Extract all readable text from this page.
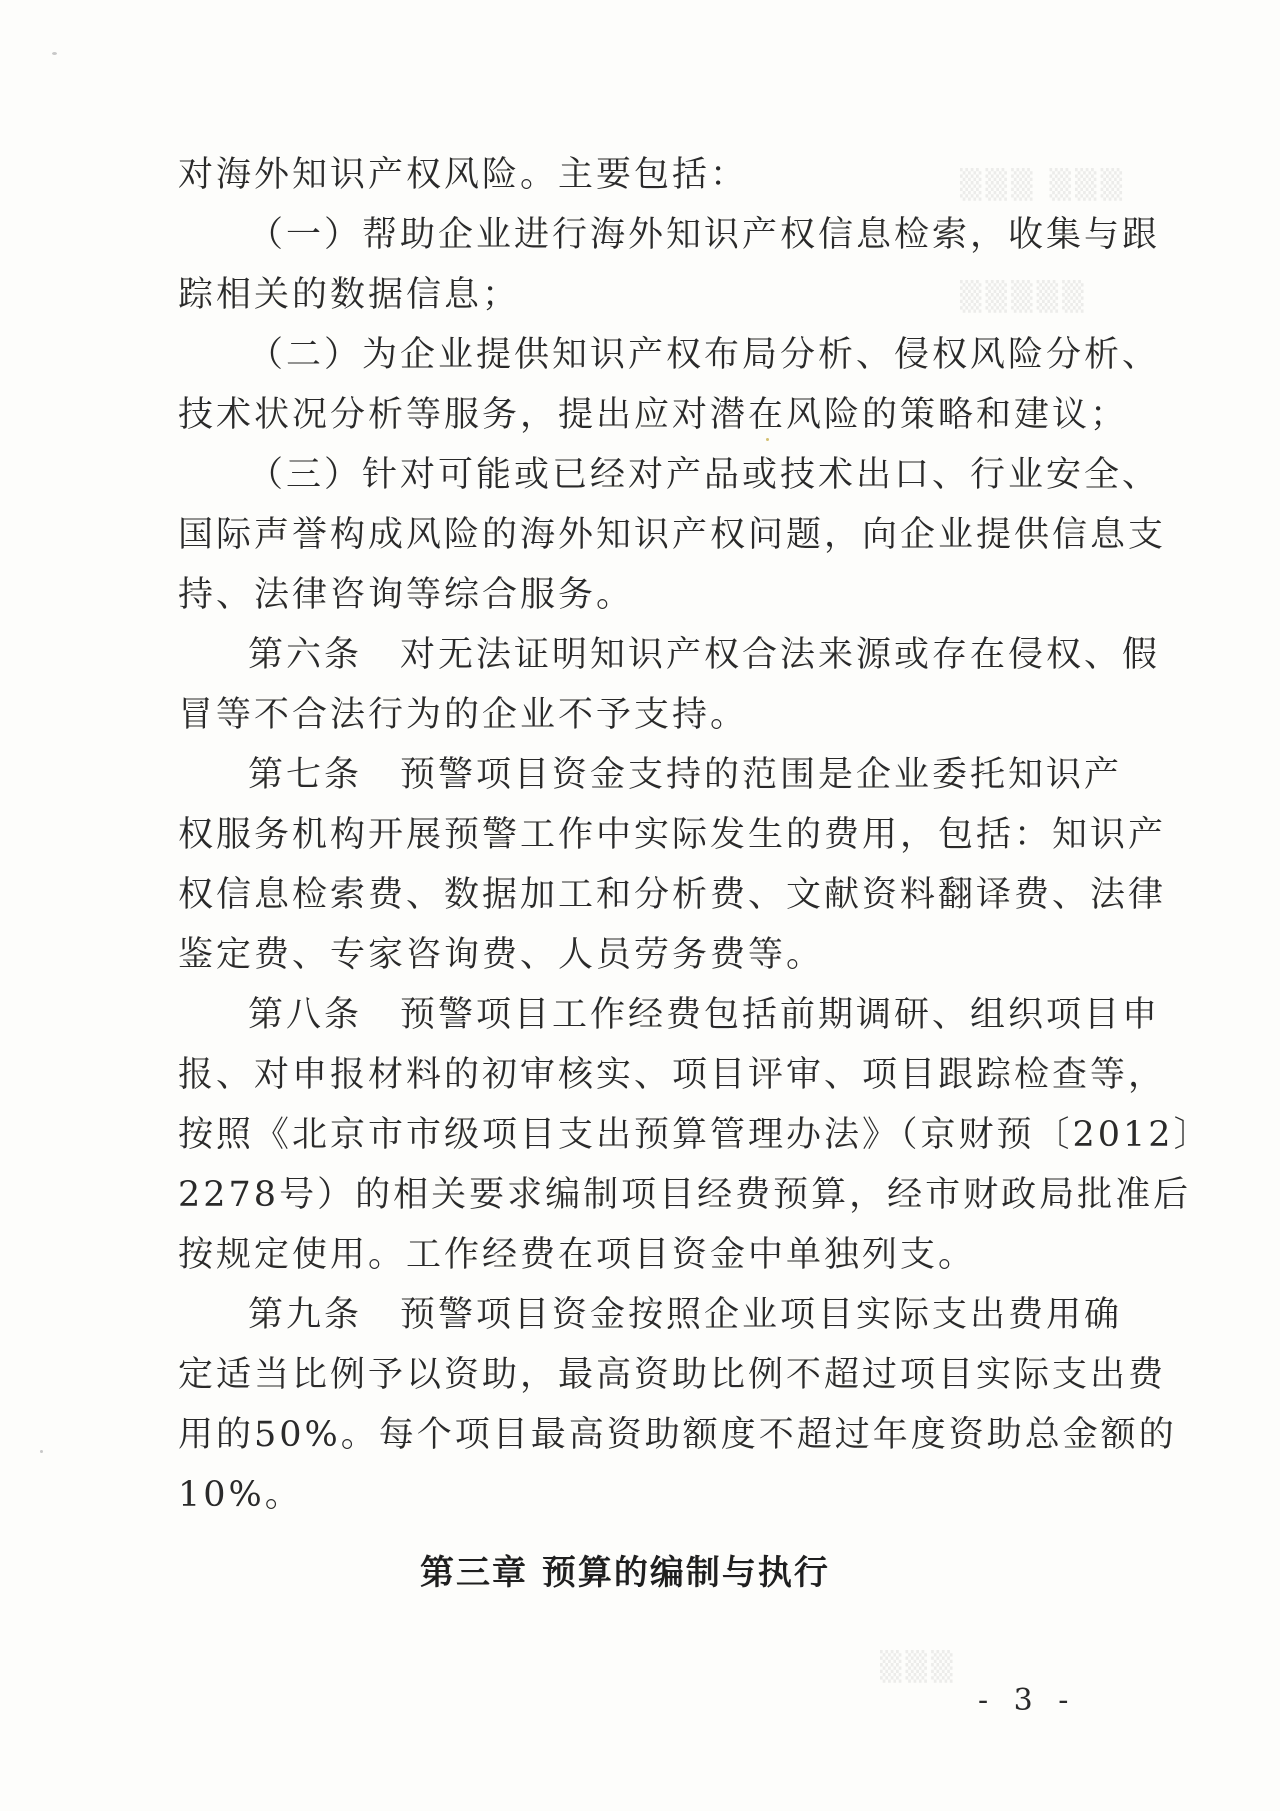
▒▒▒ ▒▒▒
▒▒▒▒▒
▒▒▒
对海外知识产权风险。主要包括：
（一）帮助企业进行海外知识产权信息检索，收集与跟
踪相关的数据信息；
（二）为企业提供知识产权布局分析、侵权风险分析、
技术状况分析等服务，提出应对潜在风险的策略和建议；
（三）针对可能或已经对产品或技术出口、行业安全、
国际声誉构成风险的海外知识产权问题，向企业提供信息支
持、法律咨询等综合服务。
第六条　对无法证明知识产权合法来源或存在侵权、假
冒等不合法行为的企业不予支持。
第七条　预警项目资金支持的范围是企业委托知识产
权服务机构开展预警工作中实际发生的费用，包括：知识产
权信息检索费、数据加工和分析费、文献资料翻译费、法律
鉴定费、专家咨询费、人员劳务费等。
第八条　预警项目工作经费包括前期调研、组织项目申
报、对申报材料的初审核实、项目评审、项目跟踪检查等，
按照《北京市市级项目支出预算管理办法》（京财预〔2012〕
2278号）的相关要求编制项目经费预算，经市财政局批准后
按规定使用。工作经费在项目资金中单独列支。
第九条　预警项目资金按照企业项目实际支出费用确
定适当比例予以资助，最高资助比例不超过项目实际支出费
用的50%。每个项目最高资助额度不超过年度资助总金额的
10%。
第三章 预算的编制与执行
- 3 -
